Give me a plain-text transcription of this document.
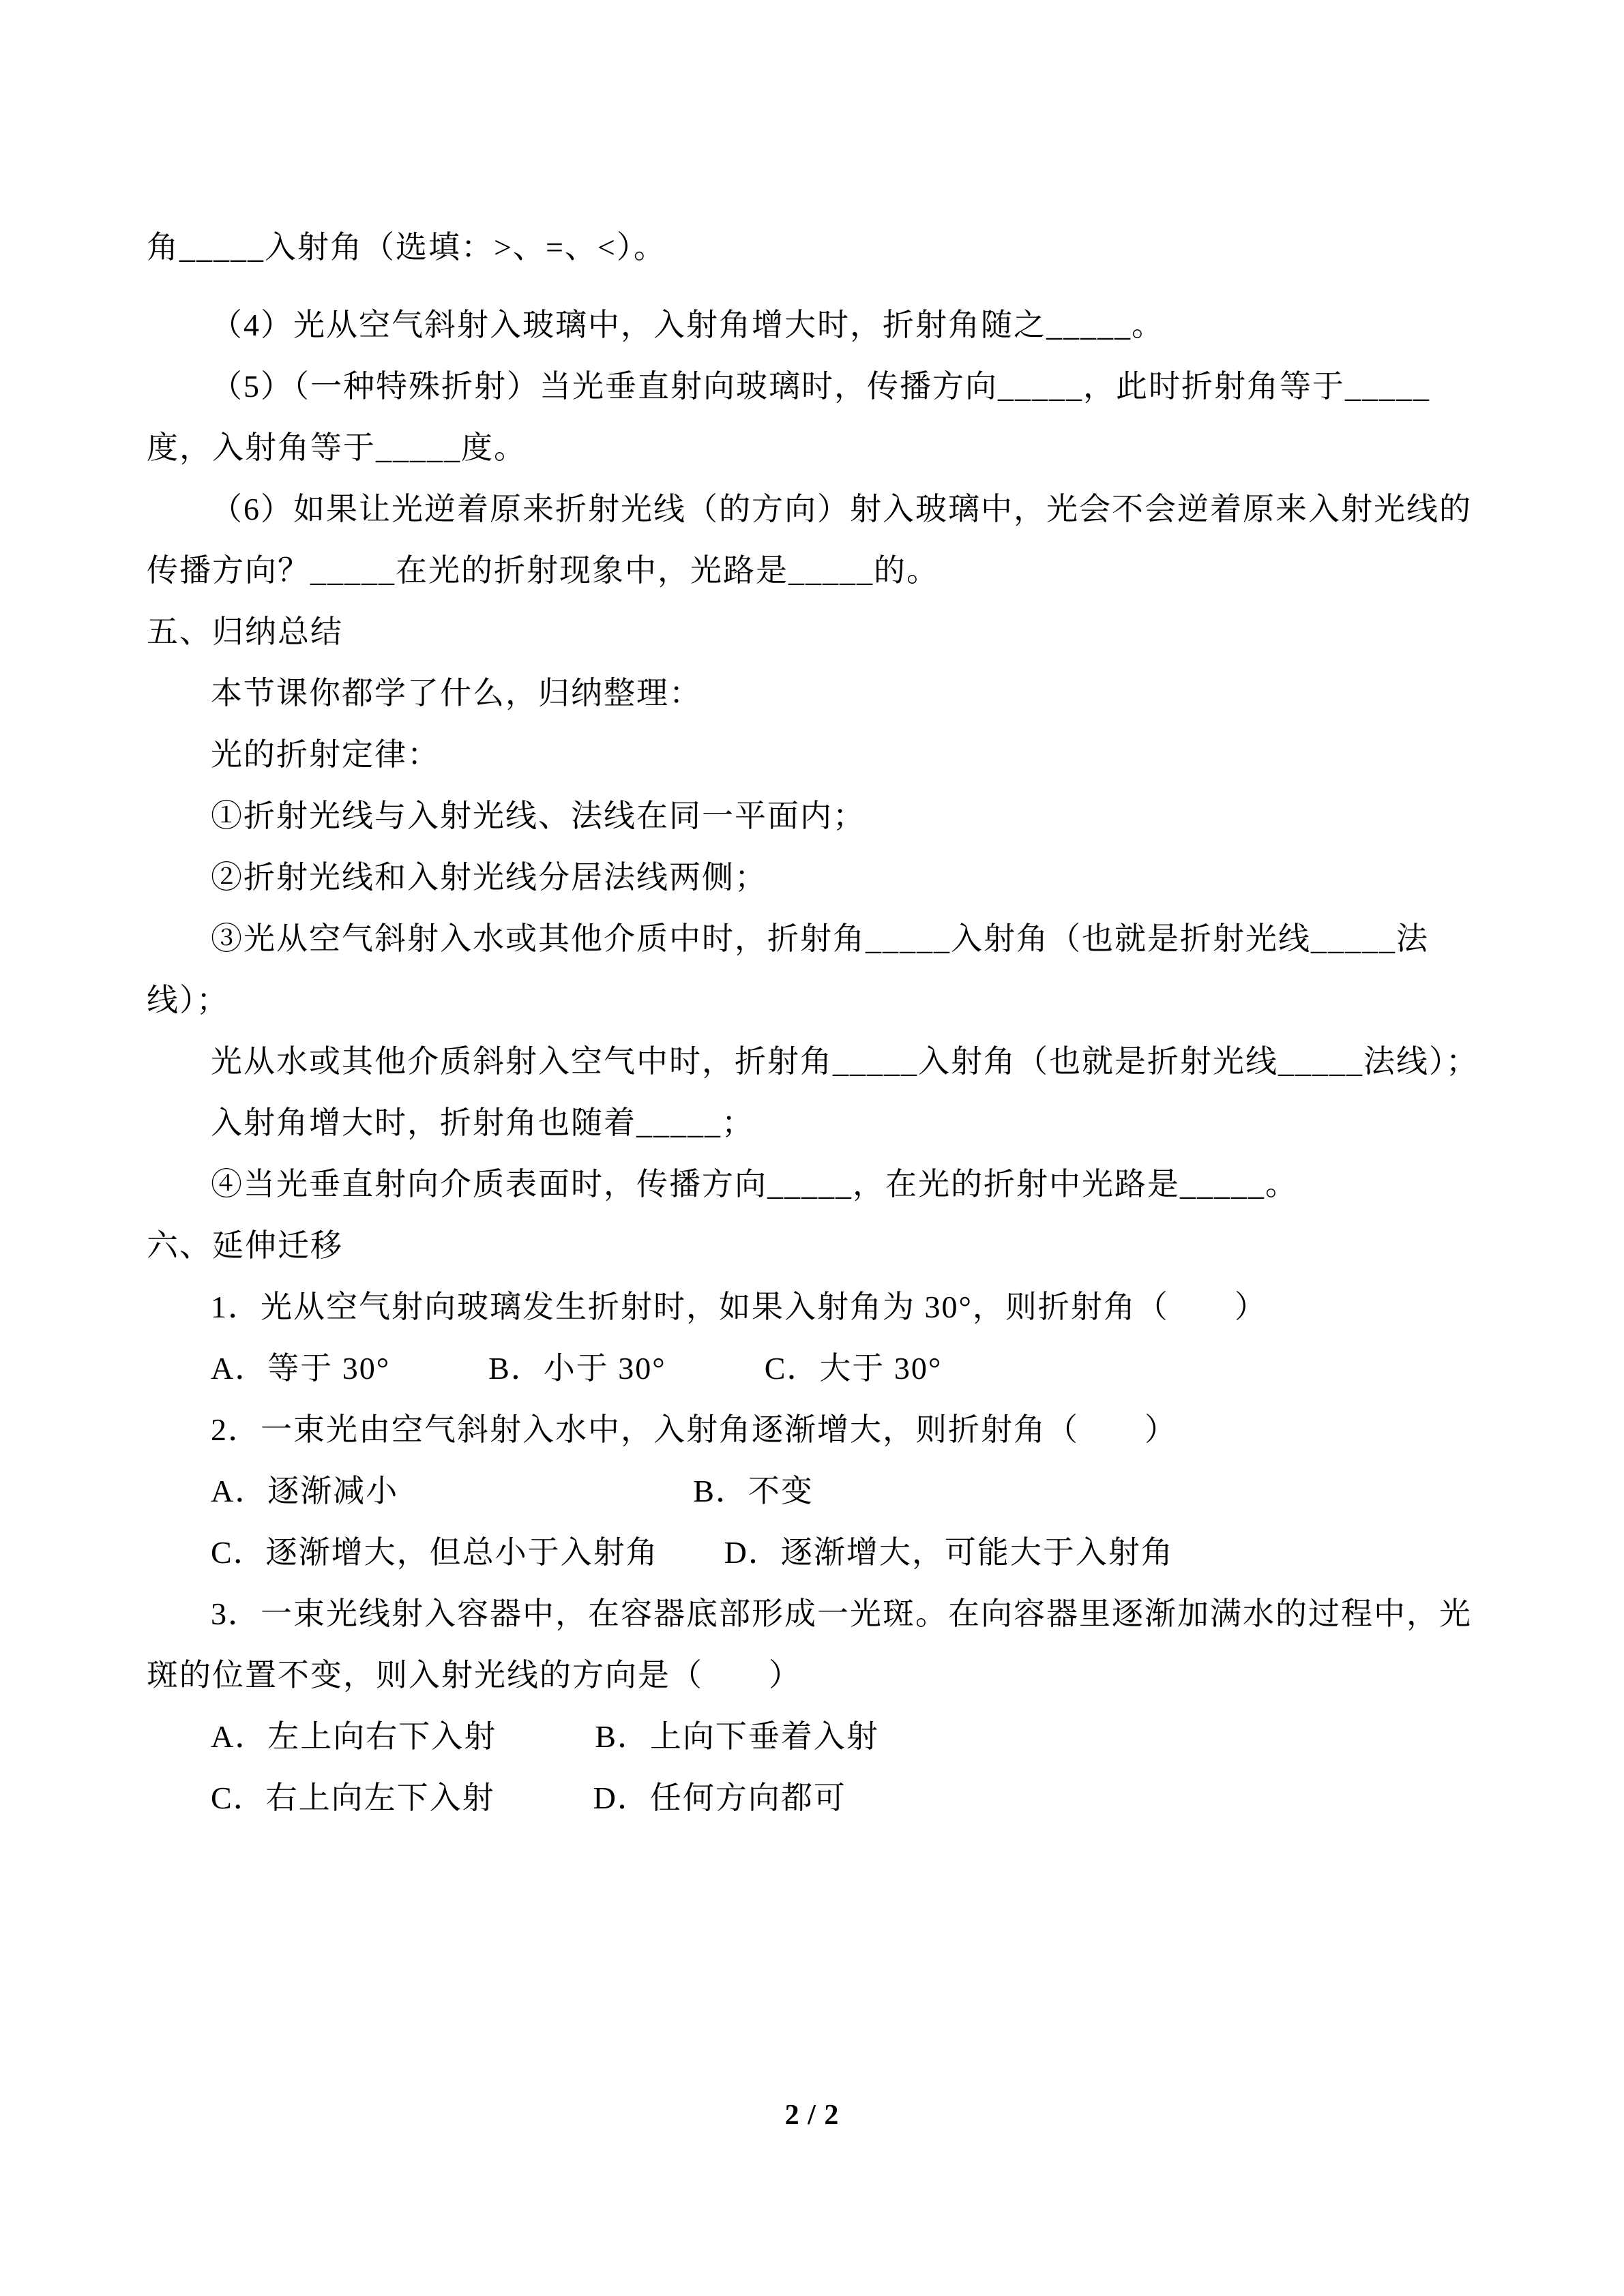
角_____入射角（选填：>、=、<）。
（4）光从空气斜射入玻璃中，入射角增大时，折射角随之_____。
（5）（一种特殊折射）当光垂直射向玻璃时，传播方向_____，此时折射角等于_____
度，入射角等于_____度。
（6）如果让光逆着原来折射光线（的方向）射入玻璃中，光会不会逆着原来入射光线的
传播方向？_____在光的折射现象中，光路是_____的。
五、归纳总结
本节课你都学了什么，归纳整理：
光的折射定律：
①折射光线与入射光线、法线在同一平面内；
②折射光线和入射光线分居法线两侧；
③光从空气斜射入水或其他介质中时，折射角_____入射角（也就是折射光线_____法
线）；
光从水或其他介质斜射入空气中时，折射角_____入射角（也就是折射光线_____法线）；
入射角增大时，折射角也随着_____；
④当光垂直射向介质表面时，传播方向_____，在光的折射中光路是_____。
六、延伸迁移
1．光从空气射向玻璃发生折射时，如果入射角为 30°，则折射角（　　）
A．等于 30°　　　B．小于 30°　　　C．大于 30°
2．一束光由空气斜射入水中，入射角逐渐增大，则折射角（　　）
A．逐渐减小　　　　　　　　　B．不变
C．逐渐增大，但总小于入射角　　D．逐渐增大，可能大于入射角
3．一束光线射入容器中，在容器底部形成一光斑。在向容器里逐渐加满水的过程中，光
斑的位置不变，则入射光线的方向是（　　）
A．左上向右下入射　　　B．上向下垂着入射
C．右上向左下入射　　　D．任何方向都可
2 / 2
